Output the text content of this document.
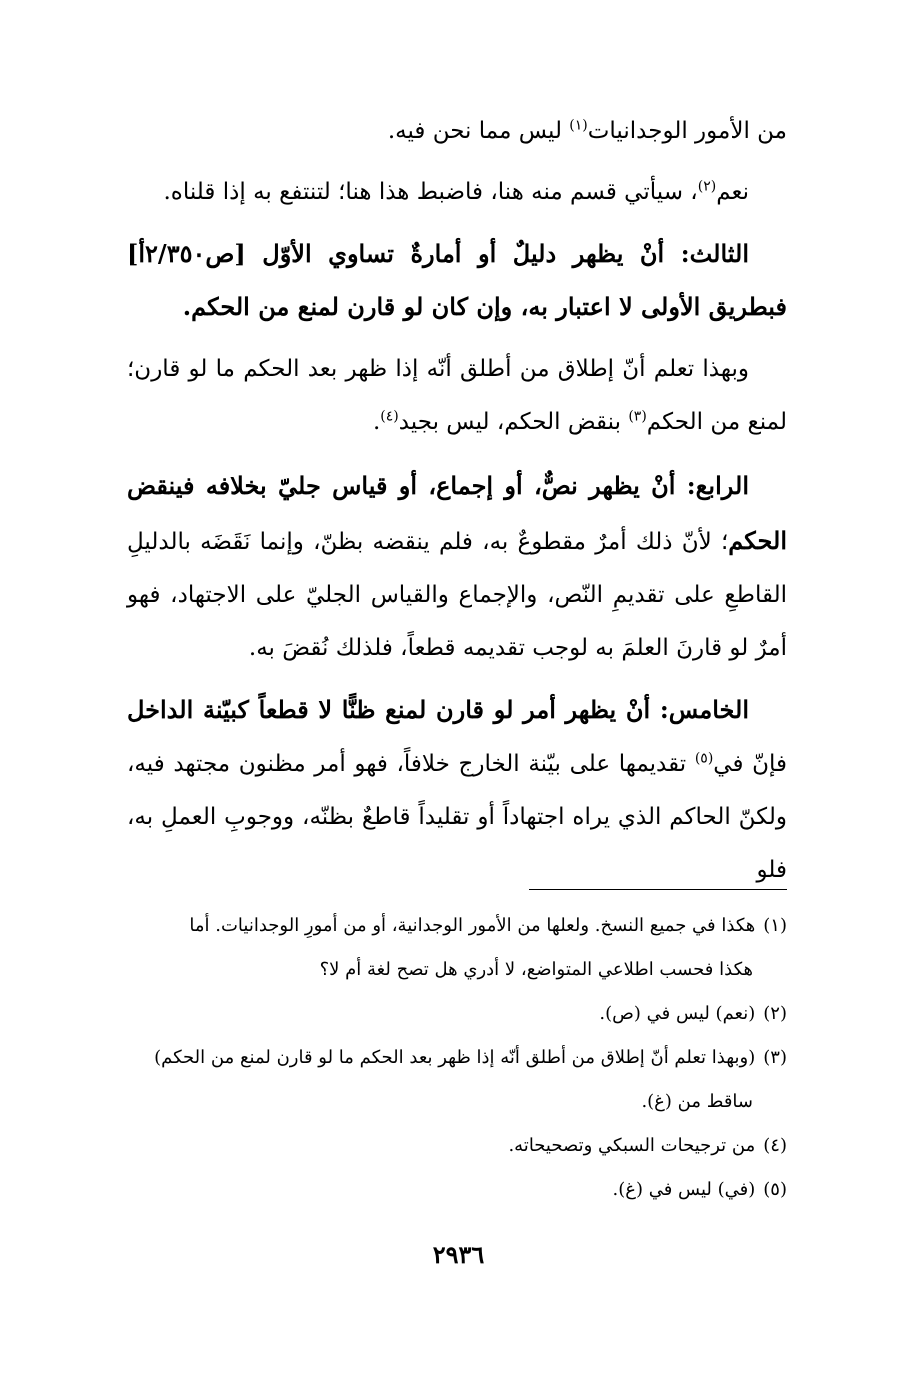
من الأمور الوجدانيات$^{(١)}$ ليس مما نحن فيه.

نعم$^{(٢)}$، سيأتي قسم منه هنا، فاضبط هذا هنا؛ لتنتفع به إذا قلناه.

الثالث: أنْ يظهر دليلٌ أو أمارةٌ تساوي الأوّل [ص٢/٣٥٠أ] فبطريق الأولى لا اعتبار به، وإن كان لو قارن لمنع من الحكم.

وبهذا تعلم أنّ إطلاق من أطلق أنّه إذا ظهر بعد الحكم ما لو قارن؛ لمنع من الحكم$^{(٣)}$ بنقض الحكم، ليس بجيد$^{(٤)}$.

الرابع: أنْ يظهر نصٌّ، أو إجماع، أو قياس جليّ بخلافه فينقض الحكم؛ لأنّ ذلك أمرٌ مقطوعٌ به، فلم ينقضه بظنّ، وإنما نَقَضَه بالدليلِ القاطعِ على تقديمِ النّص، والإجماع والقياس الجليّ على الاجتهاد، فهو أمرٌ لو قارنَ العلمَ به لوجب تقديمه قطعاً، فلذلك نُقضَ به.

الخامس: أنْ يظهر أمر لو قارن لمنع ظنًّا لا قطعاً كبيّنة الداخل فإنّ في$^{(٥)}$ تقديمها على بيّنة الخارج خلافاً، فهو أمر مظنون مجتهد فيه، ولكنّ الحاكم الذي يراه اجتهاداً أو تقليداً قاطعٌ بظنّه، ووجوبِ العملِ به، فلو

(١)هكذا في جميع النسخ. ولعلها من الأمور الوجدانية، أو من أمورِ الوجدانيات. أما
هكذا فحسب اطلاعي المتواضع، لا أدري هل تصح لغة أم لا؟

(٢)(نعم) ليس في (ص).

(٣)(وبهذا تعلم أنّ إطلاق من أطلق أنّه إذا ظهر بعد الحكم ما لو قارن لمنع من الحكم)
ساقط من (غ).

(٤)من ترجيحات السبكي وتصحيحاته.

(٥)(في) ليس في (غ).

٢٩٣٦
